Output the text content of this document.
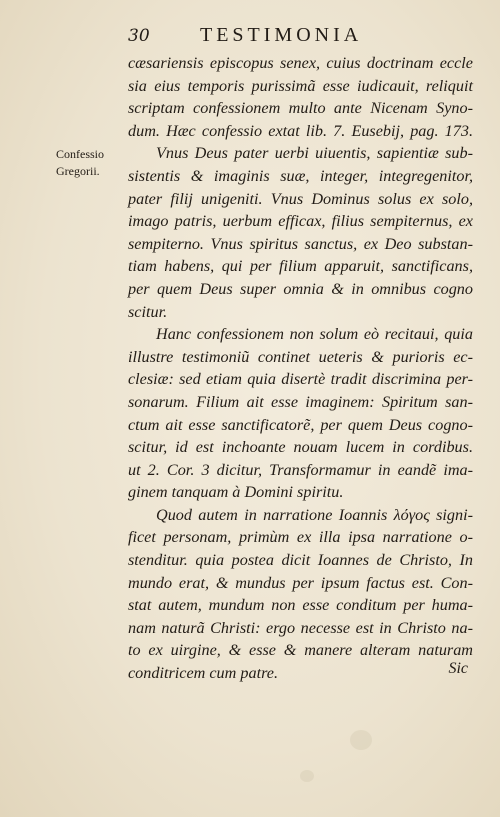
30	TESTIMONIA
Confessio
Gregorii.
cæsariensis episcopus senex, cuius doctrinam eccle
sia eius temporis purissimã esse iudicauit, reliquit
scriptam confessionem multo ante Nicenam Syno-
dum. Hæc confessio extat lib. 7. Eusebij, pag. 173.
Vnus Deus pater uerbi uiuentis, sapientiæ sub-
sistentis & imaginis suæ, integer, integregenitor,
pater filij unigeniti. Vnus Dominus solus ex solo,
imago patris, uerbum efficax, filius sempiternus, ex
sempiterno. Vnus spiritus sanctus, ex Deo substan-
tiam habens, qui per filium apparuit, sanctificans,
per quem Deus super omnia & in omnibus cogno
scitur.
Hanc confessionem non solum eò recitaui, quia
illustre testimoniũ continet ueteris & purioris ec-
clesiæ: sed etiam quia disertè tradit discrimina per-
sonarum. Filium ait esse imaginem: Spiritum san-
ctum ait esse sanctificatorẽ, per quem Deus cogno-
scitur, id est inchoante nouam lucem in cordibus.
ut 2. Cor. 3 dicitur, Transformamur in eandẽ ima-
ginem tanquam à Domini spiritu.
Quod autem in narratione Ioannis λόγος signi-
ficet personam, primùm ex illa ipsa narratione o-
stenditur. quia postea dicit Ioannes de Christo, In
mundo erat, & mundus per ipsum factus est. Con-
stat autem, mundum non esse conditum per huma-
nam naturã Christi: ergo necesse est in Christo na-
to ex uirgine, & esse & manere alteram naturam
conditricem cum patre.	Sic
